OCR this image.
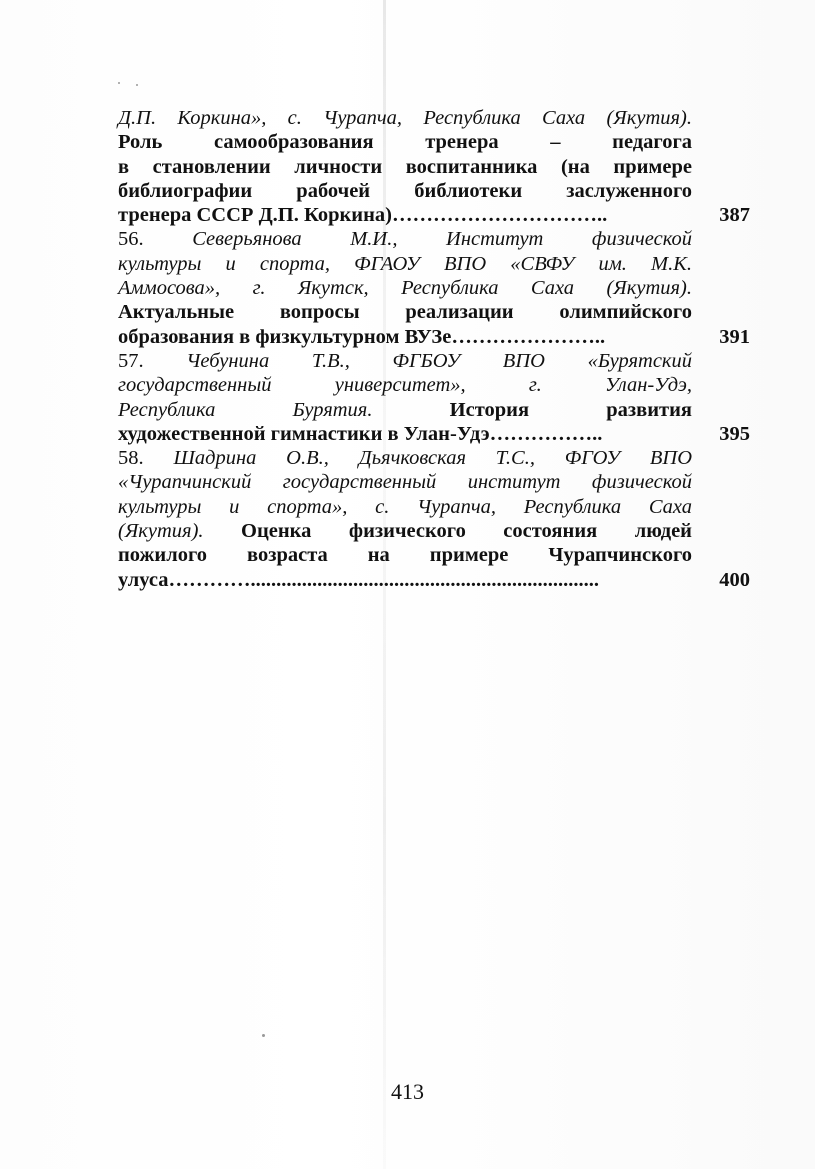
Д.П. Коркина», с. Чурапча, Республика Саха (Якутия).
Роль самообразования тренера – педагога
в становлении личности воспитанника (на примере
библиографии рабочей библиотеки заслуженного
тренера СССР Д.П. Коркина)…………………………..	387
56. Северьянова М.И., Институт физической
культуры и спорта, ФГАОУ ВПО «СВФУ им. М.К.
Аммосова», г. Якутск, Республика Саха (Якутия).
Актуальные вопросы реализации олимпийского
образования в физкультурном ВУЗе…………………..	391
57. Чебунина Т.В., ФГБОУ ВПО «Бурятский
государственный университет», г. Улан-Удэ,
Республика Бурятия. История развития
художественной гимнастики в Улан-Удэ……………..	395
58. Шадрина О.В., Дьячковская Т.С., ФГОУ ВПО
«Чурапчинский государственный институт физической
культуры и спорта», с. Чурапча, Республика Саха
(Якутия). Оценка физического состояния людей
пожилого возраста на примере Чурапчинского
улуса…………....................................................................	400
413
